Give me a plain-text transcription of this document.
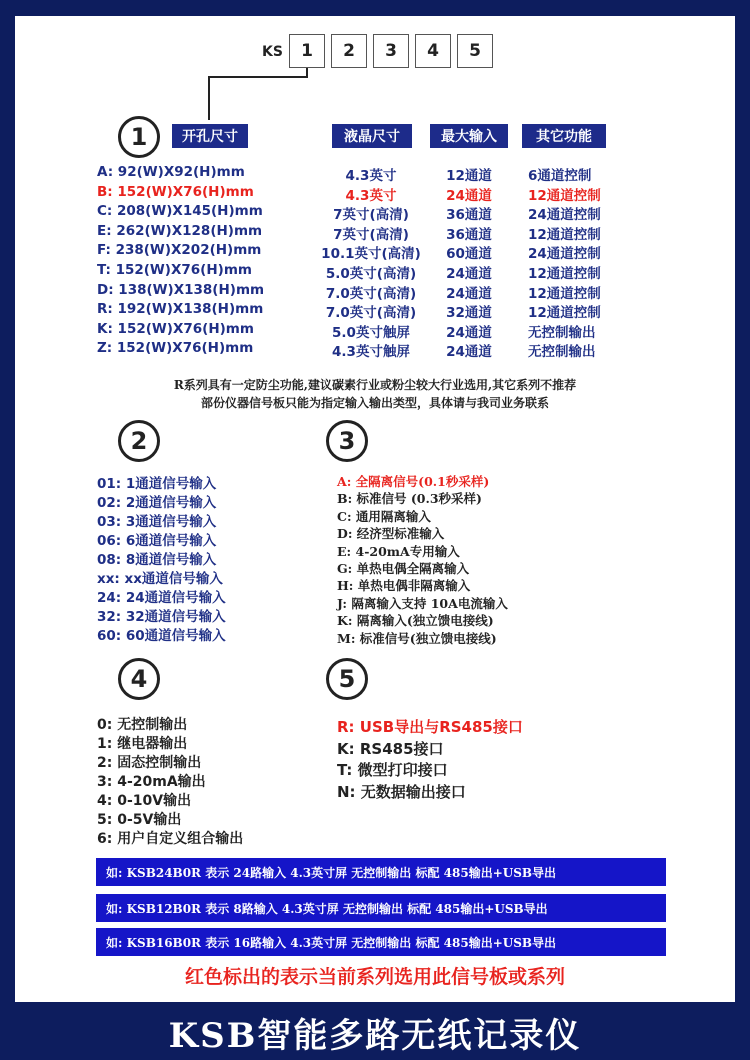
KS	1	2	3	4	5
1	开孔尺寸	液晶尺寸	最大输入	其它功能
A: 92(W)X92(H)mm	4.3英寸	12通道	6通道控制
B: 152(W)X76(H)mm	4.3英寸	24通道	12通道控制
C: 208(W)X145(H)mm	7英寸(高清)	36通道	24通道控制
E: 262(W)X128(H)mm	7英寸(高清)	36通道	12通道控制
F: 238(W)X202(H)mm	10.1英寸(高清)	60通道	24通道控制
T: 152(W)X76(H)mm	5.0英寸(高清)	24通道	12通道控制
D: 138(W)X138(H)mm	7.0英寸(高清)	24通道	12通道控制
R: 192(W)X138(H)mm	7.0英寸(高清)	32通道	12通道控制
K: 152(W)X76(H)mm	5.0英寸触屏	24通道	无控制输出
Z: 152(W)X76(H)mm	4.3英寸触屏	24通道	无控制输出
R系列具有一定防尘功能,建议碳素行业或粉尘较大行业选用,其它系列不推荐
部份仪器信号板只能为指定输入输出类型，具体请与我司业务联系
2	3
01: 1通道信号输入
02: 2通道信号输入
03: 3通道信号输入
06: 6通道信号输入
08: 8通道信号输入
xx: xx通道信号输入
24: 24通道信号输入
32: 32通道信号输入
60: 60通道信号输入
A: 全隔离信号(0.1秒采样)
B: 标准信号 (0.3秒采样)
C: 通用隔离输入
D: 经济型标准输入
E: 4-20mA专用输入
G: 单热电偶全隔离输入
H: 单热电偶非隔离输入
J: 隔离输入支持 10A电流输入
K: 隔离输入(独立馈电接线)
M: 标准信号(独立馈电接线)
4	5
0: 无控制输出
1: 继电器输出
2: 固态控制输出
3: 4-20mA输出
4: 0-10V输出
5: 0-5V输出
6: 用户自定义组合输出
R: USB导出与RS485接口
K: RS485接口
T: 微型打印接口
N: 无数据输出接口
如: KSB24B0R 表示 24路输入 4.3英寸屏 无控制输出 标配 485输出+USB导出
如: KSB12B0R 表示 8路输入 4.3英寸屏 无控制输出 标配 485输出+USB导出
如: KSB16B0R 表示 16路输入 4.3英寸屏 无控制输出 标配 485输出+USB导出
红色标出的表示当前系列选用此信号板或系列
KSB智能多路无纸记录仪
